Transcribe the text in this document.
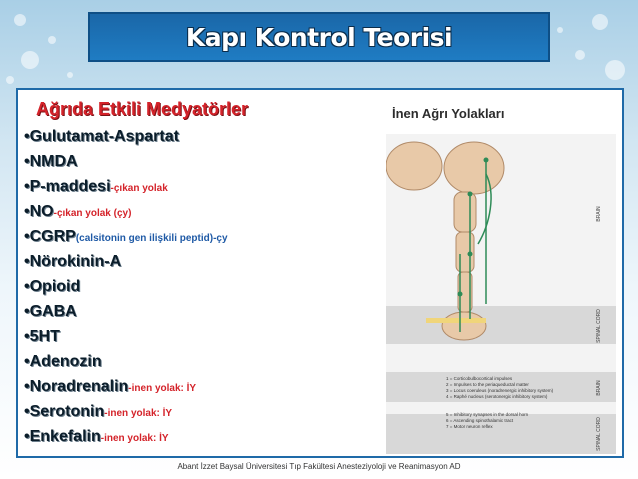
Kapı Kontrol Teorisi
Ağrıda Etkili Medyatörler
•Gulutamat-Aspartat
•NMDA
•P-maddesi-çıkan yolak
•NO-çıkan yolak (çy)
•CGRP(calsitonin gen ilişkili peptid)-çy
•Nörokinin-A
•Opioid
•GABA
•5HT
•Adenozin
•Noradrenalin-inen yolak: İY
•Serotonin-inen yolak: İY
•Enkefalin-inen yolak: İY
İnen Ağrı Yolakları
1 = Corticobulbocortical impulses
2 = Impulses to the periaqueductal matter
3 = Locus coeruleus (noradrenergic inhibitory system)
4 = Raphé nucleus (serotonergic inhibitory system)
5 = Inhibitory synapses in the dorsal horn
6 = Ascending spinothalamic tract
7 = Motor neuron reflex
BRAIN
SPINAL CORD
BRAIN
SPINAL CORD
Abant İzzet Baysal Üniversitesi Tıp Fakültesi Anesteziyoloji ve Reanimasyon AD
